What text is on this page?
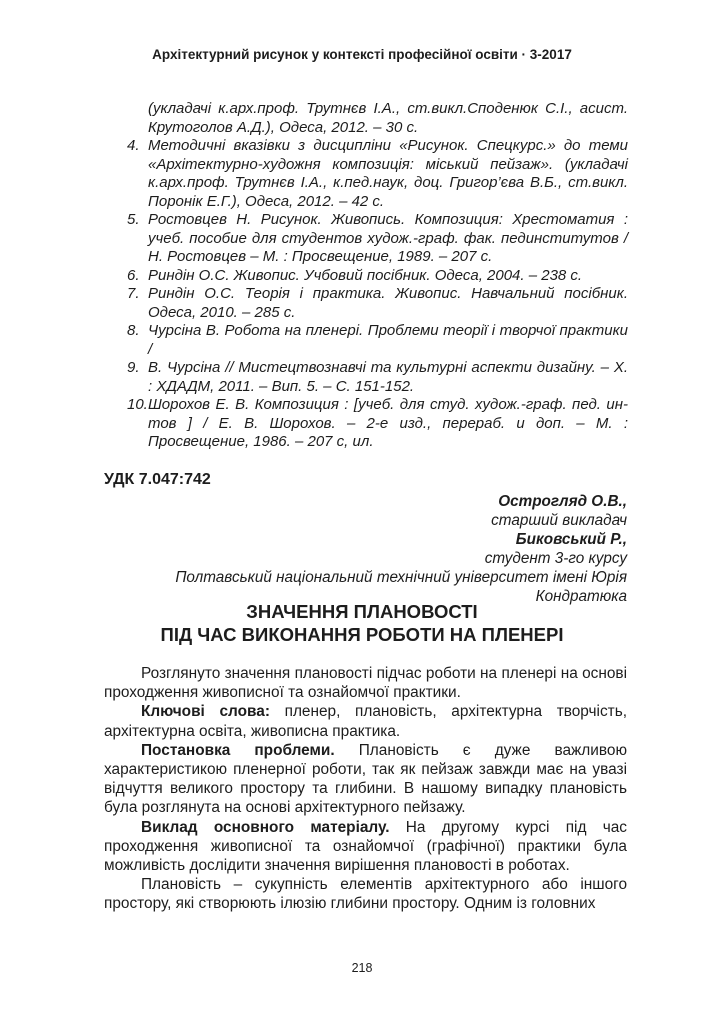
Архітектурний рисунок у контексті професійної освіти · 3-2017
(укладачі к.арх.проф. Трутнєв І.А., ст.викл.Споденюк С.І., асист. Крутоголов А.Д.), Одеса, 2012. – 30 с.
4. Методичні вказівки з дисципліни «Рисунок. Спецкурс.» до теми «Архітектурно-художня композиція: міський пейзаж». (укладачі к.арх.проф. Трутнєв І.А., к.пед.наук, доц. Григор’єва В.Б., ст.викл. Поронік Е.Г.), Одеса, 2012. – 42 с.
5. Ростовцев Н. Рисунок. Живопись. Композиция: Хрестоматия : учеб. пособие для студентов худож.-граф. фак. пединститутов / Н. Ростовцев – М. : Просвещение, 1989. – 207 с.
6. Риндін О.С. Живопис. Учбовий посібник. Одеса, 2004. – 238 с.
7. Риндін О.С. Теорія і практика. Живопис. Навчальний посібник. Одеса, 2010. – 285 с.
8. Чурсіна В. Робота на пленері. Проблеми теорії і творчої практики /
9. В. Чурсіна // Мистецтвознавчі та культурні аспекти дизайну. – Х. : ХДАДМ, 2011. – Вип. 5. – С. 151-152.
10. Шорохов Е. В. Композиция : [учеб. для студ. худож.-граф. пед. ин-тов ] / Е. В. Шорохов. – 2-е изд., перераб. и доп. – М. : Просвещение, 1986. – 207 с, ил.
УДК 7.047:742
Острогляд О.В.,
старший викладач
Биковський Р.,
студент 3-го курсу
Полтавський національний технічний університет імені Юрія Кондратюка
ЗНАЧЕННЯ ПЛАНОВОСТІ
ПІД ЧАС ВИКОНАННЯ РОБОТИ НА ПЛЕНЕРІ

Розглянуто значення плановості підчас роботи на пленері на основі проходження живописної та ознайомчої практики.

Ключові слова: пленер, плановість, архітектурна творчість, архітектурна освіта, живописна практика.

Постановка проблеми. Плановість є дуже важливою характеристикою пленерної роботи, так як пейзаж завжди має на увазі відчуття великого простору та глибини. В нашому випадку плановість була розглянута на основі архітектурного пейзажу.

Виклад основного матеріалу. На другому курсі під час проходження живописної та ознайомчої (графічної) практики була можливість дослідити значення вирішення плановості в роботах.

Плановість – сукупність елементів архітектурного або іншого простору, які створюють ілюзію глибини простору. Одним із головних

218
